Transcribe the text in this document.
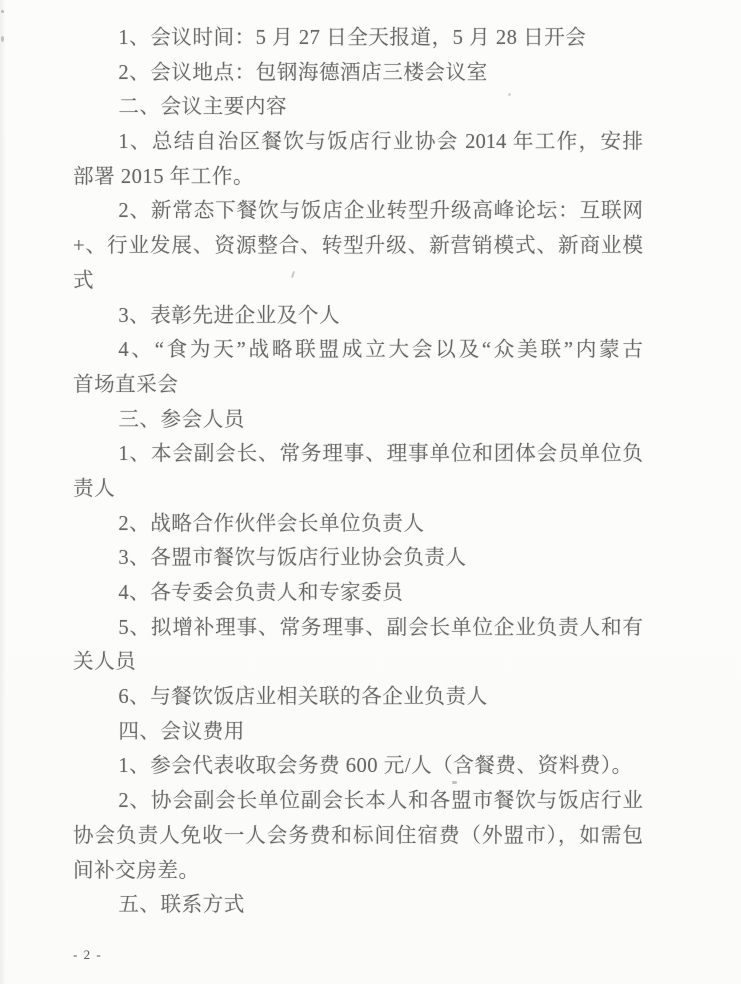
1、会议时间：5 月 27 日全天报道，5 月 28 日开会
2、会议地点：包钢海德酒店三楼会议室
二、会议主要内容
1、总结自治区餐饮与饭店行业协会 2014 年工作，安排
部署 2015 年工作。
2、新常态下餐饮与饭店企业转型升级高峰论坛：互联网
+、行业发展、资源整合、转型升级、新营销模式、新商业模
式
3、表彰先进企业及个人
4、“食为天”战略联盟成立大会以及“众美联”内蒙古
首场直采会
三、参会人员
1、本会副会长、常务理事、理事单位和团体会员单位负
责人
2、战略合作伙伴会长单位负责人
3、各盟市餐饮与饭店行业协会负责人
4、各专委会负责人和专家委员
5、拟增补理事、常务理事、副会长单位企业负责人和有
关人员
6、与餐饮饭店业相关联的各企业负责人
四、会议费用
1、参会代表收取会务费 600 元/人（含餐费、资料费）。
2、协会副会长单位副会长本人和各盟市餐饮与饭店行业
协会负责人免收一人会务费和标间住宿费（外盟市），如需包
间补交房差。
五、联系方式
- 2 -
